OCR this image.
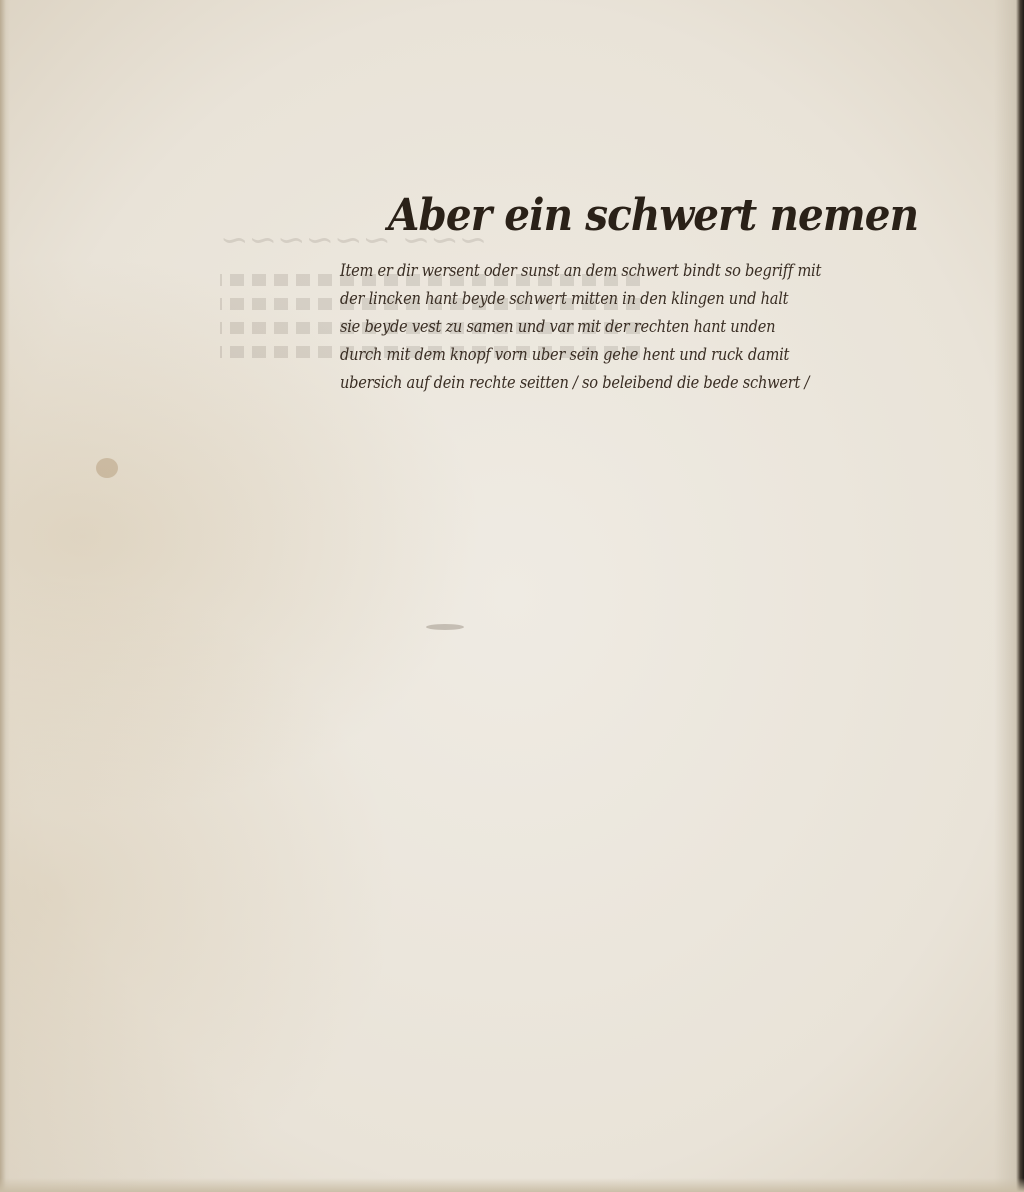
~~~ ~~~~~~
Aber ein schwert nemen
Item er dir wersent oder sunst an dem schwert bindt so begriff mit
der lincken hant beyde schwert mitten in den klingen und halt
sie beyde vest zu samen und var mit der rechten hant unden
durch mit dem knopf vorn uber sein gehe hent und ruck damit
ubersich auf dein rechte seitten / so beleibend die bede schwert /
